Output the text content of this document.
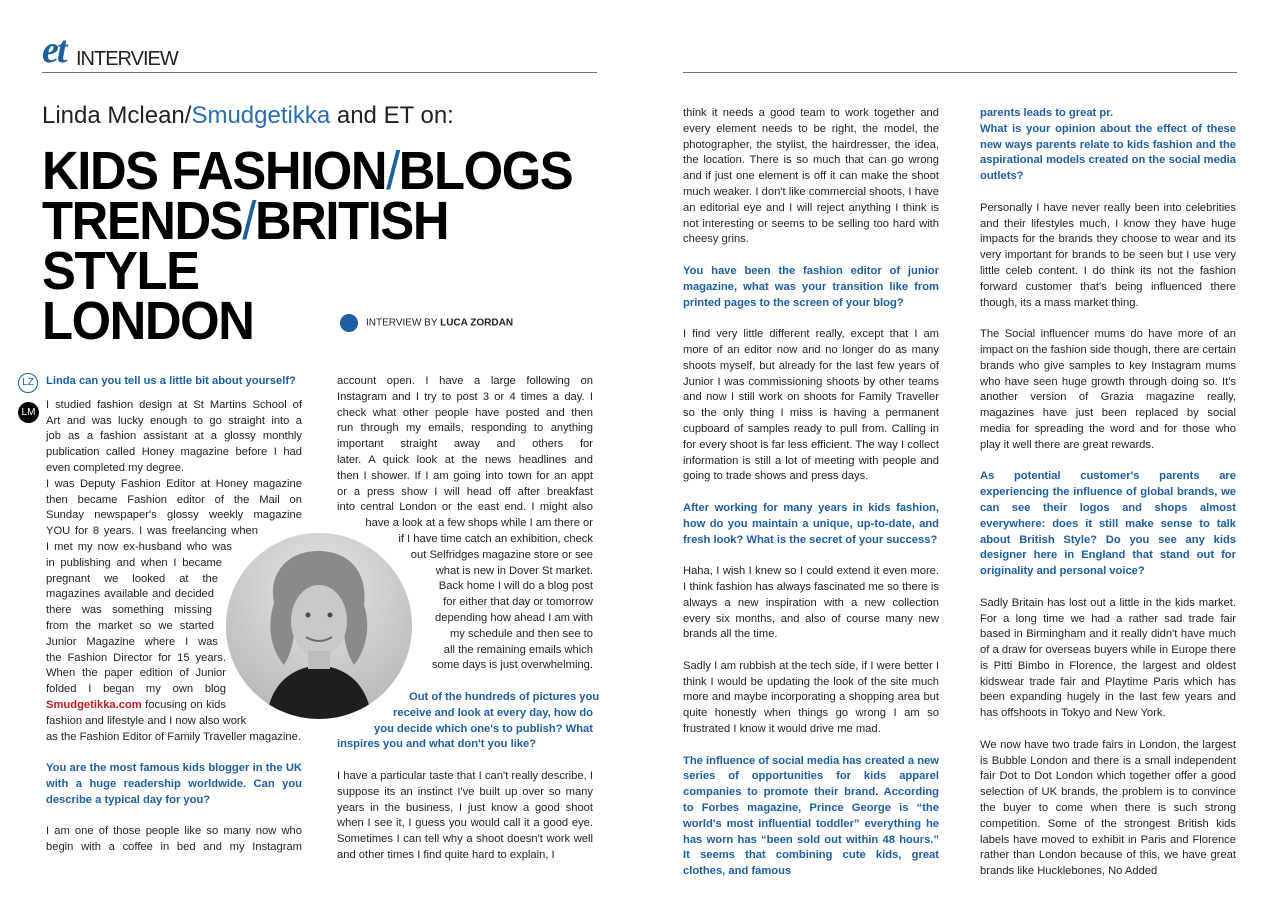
et INTERVIEW
Linda Mclean/Smudgetikka and ET on:
KIDS FASHION/BLOGS
TRENDS/BRITISH STYLE
LONDON	INTERVIEW BY LUCA ZORDAN
LZ
LM
Linda can you tell us a little bit about yourself?
I studied fashion design at St Martins School of
Art and was lucky enough to go straight into a
job as a fashion assistant at a glossy monthly
publication called Honey magazine before I had
even completed my degree.
I was Deputy Fashion Editor at Honey magazine
then became Fashion editor of the Mail on
Sunday newspaper's glossy weekly magazine
YOU for 8 years. I was freelancing when
I met my now ex-husband who was
in publishing and when I became
pregnant we looked at the
magazines available and decided
there was something missing
from the market so we started
Junior Magazine where I was
the Fashion Director for 15 years.
When the paper edition of Junior
folded I began my own blog
Smudgetikka.com focusing on kids
fashion and lifestyle and I now also work
as the Fashion Editor of Family Traveller magazine.
You are the most famous kids blogger in the UK with a huge readership worldwide. Can you describe a typical day for you?
I am one of those people like so many now who
begin with a coffee in bed and my Instagram
account open. I have a large following on
Instagram and I try to post 3 or 4 times a day. I
check what other people have posted and then
run through my emails, responding to anything
important straight away and others for
later. A quick look at the news headlines and
then I shower. If I am going into town for an appt
or a press show I will head off after breakfast
into central London or the east end. I might also
have a look at a few shops while I am there or
if I have time catch an exhibition, check
out Selfridges magazine store or see
what is new in Dover St market.
Back home I will do a blog post
for either that day or tomorrow
depending how ahead I am with
my schedule and then see to
all the remaining emails which
some days is just overwhelming.
Out of the hundreds of pictures you
receive and look at every day, how do
you decide which one's to publish? What
inspires you and what don't you like?
I have a particular taste that I can't really describe, I suppose its an instinct I've built up over so many years in the business, I just know a good shoot when I see it, I guess you would call it a good eye. Sometimes I can tell why a shoot doesn't work well and other times I find quite hard to explain, I
think it needs a good team to work together and every element needs to be right, the model, the photographer, the stylist, the hairdresser, the idea, the location. There is so much that can go wrong and if just one element is off it can make the shoot much weaker. I don't like commercial shoots, I have an editorial eye and I will reject anything I think is not interesting or seems to be selling too hard with cheesy grins.
You have been the fashion editor of junior magazine, what was your transition like from printed pages to the screen of your blog?
I find very little different really, except that I am more of an editor now and no longer do as many shoots myself, but already for the last few years of Junior I was commissioning shoots by other teams and now I still work on shoots for Family Traveller so the only thing I miss is having a permanent cupboard of samples ready to pull from. Calling in for every shoot is far less efficient. The way I collect information is still a lot of meeting with people and going to trade shows and press days.
After working for many years in kids fashion, how do you maintain a unique, up-to-date, and fresh look? What is the secret of your success?
Haha, I wish I knew so I could extend it even more. I think fashion has always fascinated me so there is always a new inspiration with a new collection every six months, and also of course many new brands all the time.
Sadly I am rubbish at the tech side, if I were better I think I would be updating the look of the site much more and maybe incorporating a shopping area but quite honestly when things go wrong I am so frustrated I know it would drive me mad.
The influence of social media has created a new series of opportunities for kids apparel companies to promote their brand. According to Forbes magazine, Prince George is “the world's most influential toddler” everything he has worn has “been sold out within 48 hours.” It seems that combining cute kids, great clothes, and famous
parents leads to great pr.
What is your opinion about the effect of these new ways parents relate to kids fashion and the aspirational models created on the social media outlets?
Personally I have never really been into celebrities and their lifestyles much, I know they have huge impacts for the brands they choose to wear and its very important for brands to be seen but I use very little celeb content. I do think its not the fashion forward customer that's being influenced there though, its a mass market thing.
The Social influencer mums do have more of an impact on the fashion side though, there are certain brands who give samples to key Instagram mums who have seen huge growth through doing so. It's another version of Grazia magazine really, magazines have just been replaced by social media for spreading the word and for those who play it well there are great rewards.
As potential customer's parents are experiencing the influence of global brands, we can see their logos and shops almost everywhere: does it still make sense to talk about British Style? Do you see any kids designer here in England that stand out for originality and personal voice?
Sadly Britain has lost out a little in the kids market. For a long time we had a rather sad trade fair based in Birmingham and it really didn't have much of a draw for overseas buyers while in Europe there is Pitti Bimbo in Florence, the largest and oldest kidswear trade fair and Playtime Paris which has been expanding hugely in the last few years and has offshoots in Tokyo and New York.
We now have two trade fairs in London, the largest is Bubble London and there is a small independent fair Dot to Dot London which together offer a good selection of UK brands, the problem is to convince the buyer to come when there is such strong competition. Some of the strongest British kids labels have moved to exhibit in Paris and Florence rather than London because of this, we have great brands like Hucklebones, No Added
